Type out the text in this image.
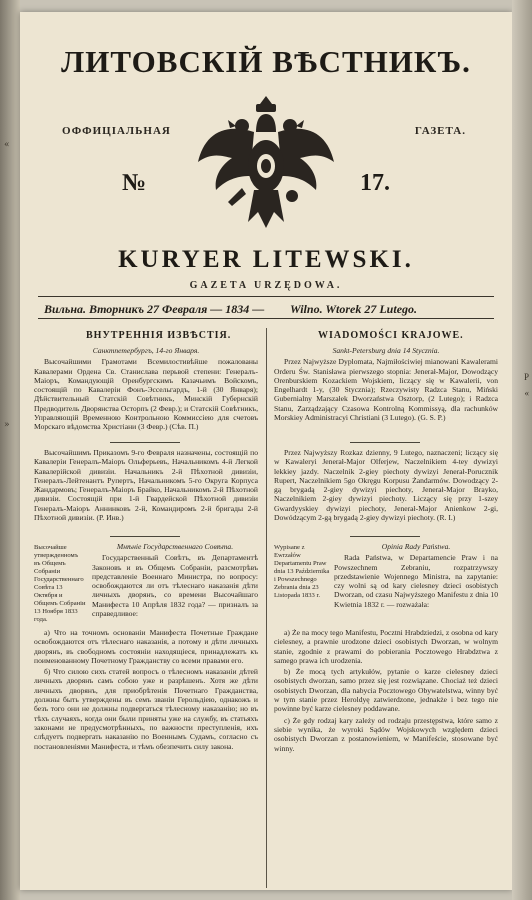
«
»
ЛИТОВСКІЙ ВѢСТНИКЪ.
ОФФИЦІАЛЬНАЯ	ГАЗЕТА.
№	17.
KURYER LITEWSKI.
GAZETA URZĘDOWA.
Вильна. Вторникъ 27 Февраля — 1834 — Wilno. Wtorek 27 Lutego.
ВНУТРЕННІЯ ИЗВѢСТІЯ.	WIADOMOŚCI KRAJOWE.

Санктпетербургъ, 14-го Января.

Высочайшими Грамотами Всемилостивѣйше пожалованы Кавалерами Ордена Св. Станислава перьвой степени: Генералъ-Маіоръ, Командующій Оренбургскимъ Казачьимъ Войскомъ, состоящій по Кавалеріи Фонъ-Эссельгардъ, 1-й (30 Января); Дѣйствительный Статскій Совѣтникъ, Минскій Губернскій Предводитель Дворянства Осторпъ (2 Февр.); и Статскій Совѣтникъ, Управляющій Временною Контрольною Коммиссіею для счетовъ Морскаго вѣдомства Христіани (3 Февр.) (Сѣв. П.)

Высочайшимъ Приказомъ 9-го Февраля назначены, состоящій по Кавалеріи Генералъ-Маіоръ Ольферьевъ, Начальникомъ 4-й Легкой Кавалерійской дивизіи. Начальникъ 2-й Пѣхотной дивизіи, Генералъ-Лейтенантъ Рупертъ, Начальникомъ 5-го Округа Корпуса Жандармовъ; Генералъ-Маіоръ Брайко, Начальникомъ 2-й Пѣхотной дивизіи. Состоящій при 1-й Гвардейской Пѣхотной дивизіи Генералъ-Маіоръ Аннинковъ 2-й, Командиромъ 2-й бригады 2-й Пѣхотной дивизіи. (Р. Инв.)

Высочайше утвержденномъ въ Общемъ Собраніи Государственнаго Совѣта 13 Октября и Общемъ Собраніи 13 Ноября 1833 года.

Мнѣніе Государственнаго Совѣта.

Государственный Совѣтъ, въ Департаментѣ Законовъ и въ Общемъ Собраніи, разсмотрѣвъ представленіе Военнаго Министра, по вопросу: освобождаются ли отъ тѣлеснаго наказанія дѣти личныхъ дворянъ, со времени Высочайшаго Манифеста 10 Апрѣля 1832 года? — призналъ за справедливое:

а) Что на точномъ основаніи Манифеста Почетные Граждане освобождаются отъ тѣлеснаго наказанія, а потому и дѣти личныхъ дворянъ, въ свободномъ состояніи находящіеся, принадлежатъ къ поименованному Почетному Гражданству со всеми правами его.

б) Что силою сихъ статей вопросъ о тѣлесномъ наказаніи дѣтей личныхъ дворянъ самъ собою уже и разрѣшенъ. Хотя же дѣти личныхъ дворянъ, для приобрѣтенія Почетнаго Гражданства, должны быть утверждены въ семъ званіи Герольдіею, однакожъ и безъ того они не должны подвергаться тѣлесному наказанію; но въ тѣхъ случаяхъ, когда они были приняты уже на службу, въ статьяхъ законами не предусмотрѣнныхъ, по важности преступленія, ихъ слѣдуетъ подвергать наказанію по Военнымъ Судамъ, согласно съ постановленіями Манифеста, и тѣмъ обезпечить силу закона.

Sankt-Petersburg dnia 14 Stycznia.

Przez Najwyższe Dyplomata, Najmiłościwiej mianowani Kawalerami Orderu Św. Stanisława pierwszego stopnia: Jenerał-Major, Dowodzący Orenburskiem Kozackiem Wojskiem, liczący się w Kawalerii, von Engelhardt 1-y, (30 Stycznia); Rzeczywisty Radzca Stanu, Miński Gubernialny Marszałek Dworzaństwa Osztorp, (2 Lutego); i Radzca Stanu, Zarządzający Czasowa Kontrolną Kommissyą, dla rachunków Morskiey Administracyi Christiani (3 Lutego). (G. S. P.)

Przez Najwyższy Rozkaz dzienny, 9 Lutego, naznaczeni; liczący się w Kawaleryi Jenerał-Major Olferjew, Naczelnikiem 4-tey dywizyi lekkiey jazdy. Naczelnik 2-giey piechoty dywizyi Jenerał-Porucznik Rupert, Naczelnikiem 5go Okręgu Korpusu Żandarmów. Dowodzący 2-gą brygadą 2-giey dywizyi piechoty, Jenerał-Major Brayko, Naczelnikiem 2-giey dywizyi piechoty. Liczący się przy 1-szey Gwardyyskiey dywizyi piechoty, Jenerał-Major Anienkow 2-gi, Dowódzącym 2-gą brygadą 2-giey dywizyi piechoty. (R. I.)

Wypisane z Ewrzałów Departamentu Praw dnia 13 Października i Powszechnego Zebrania dnia 23 Listopada 1833 r.

Opinia Rady Państwa.

Rada Państwa, w Departamencie Praw i na Powszechnem Zebraniu, rozpatrzywszy przedstawienie Wojennego Ministra, na zapytanie: czy wolni są od kary cielesney dzieci osobistych Dworzan, od czasu Najwyższego Manifestu z dnia 10 Kwietnia 1832 r. — rozważała:

a) Że na mocy tego Manifestu, Pocztni Hrabdziedzi, z osobna od kary cielesney, a prawnie urodzone dzieci osobistych Dworzan, w wolnym stanie, zgodnie z prawami do pobierania Pocztowego Hrabdztwa z samego prawa ich urodzenia.

b) Że mocą tych artykułów, pytanie o karze cielesney dzieci osobistych dworzan, samo przez się jest rozwiązane. Chociaż też dzieci osobistych Dworzan, dla nabycia Pocztowego Obywatelstwa, winny być w tym stanie przez Heroldyę zatwierdzone, jednakże i bez tego nie powinne być karze cielesney poddawane.

c) Że gdy rodzaj kary zależy od rodzaju przestępstwa, które samo z siebie wynika, że wyroki Sądów Wojskowych względem dzieci osobistych Dworzan z postanowieniem, w Manifeście, stosowane być winny.

P
«
